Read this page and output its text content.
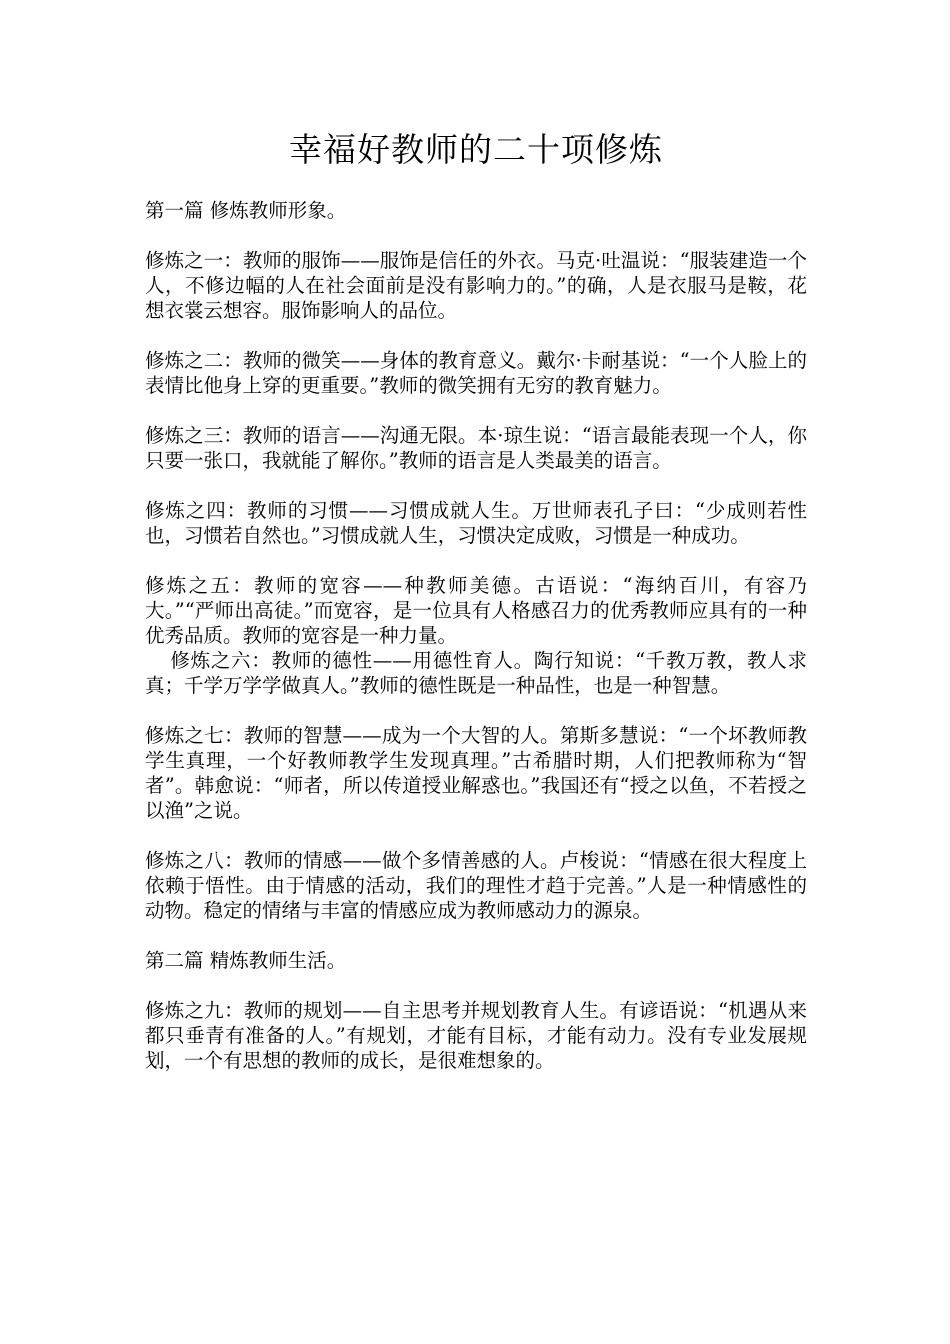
幸福好教师的二十项修炼

第一篇 修炼教师形象。

修炼之一：教师的服饰——服饰是信任的外衣。马克·吐温说：“服装建造一个人，不修边幅的人在社会面前是没有影响力的。”的确，人是衣服马是鞍，花想衣裳云想容。服饰影响人的品位。

修炼之二：教师的微笑——身体的教育意义。戴尔·卡耐基说：“一个人脸上的表情比他身上穿的更重要。”教师的微笑拥有无穷的教育魅力。

修炼之三：教师的语言——沟通无限。本·琼生说：“语言最能表现一个人，你只要一张口，我就能了解你。”教师的语言是人类最美的语言。

修炼之四：教师的习惯——习惯成就人生。万世师表孔子曰：“少成则若性也，习惯若自然也。”习惯成就人生，习惯决定成败，习惯是一种成功。

修炼之五：教师的宽容——种教师美德。古语说：“海纳百川，有容乃大。”“严师出高徒。”而宽容，是一位具有人格感召力的优秀教师应具有的一种优秀品质。教师的宽容是一种力量。

修炼之六：教师的德性——用德性育人。陶行知说：“千教万教，教人求真；千学万学学做真人。”教师的德性既是一种品性，也是一种智慧。

修炼之七：教师的智慧——成为一个大智的人。第斯多慧说：“一个坏教师教学生真理，一个好教师教学生发现真理。”古希腊时期，人们把教师称为“智者”。韩愈说：“师者，所以传道授业解惑也。”我国还有“授之以鱼，不若授之以渔”之说。

修炼之八：教师的情感——做个多情善感的人。卢梭说：“情感在很大程度上依赖于悟性。由于情感的活动，我们的理性才趋于完善。”人是一种情感性的动物。稳定的情绪与丰富的情感应成为教师感动力的源泉。

第二篇 精炼教师生活。

修炼之九：教师的规划——自主思考并规划教育人生。有谚语说：“机遇从来都只垂青有准备的人。”有规划，才能有目标，才能有动力。没有专业发展规划，一个有思想的教师的成长，是很难想象的。
